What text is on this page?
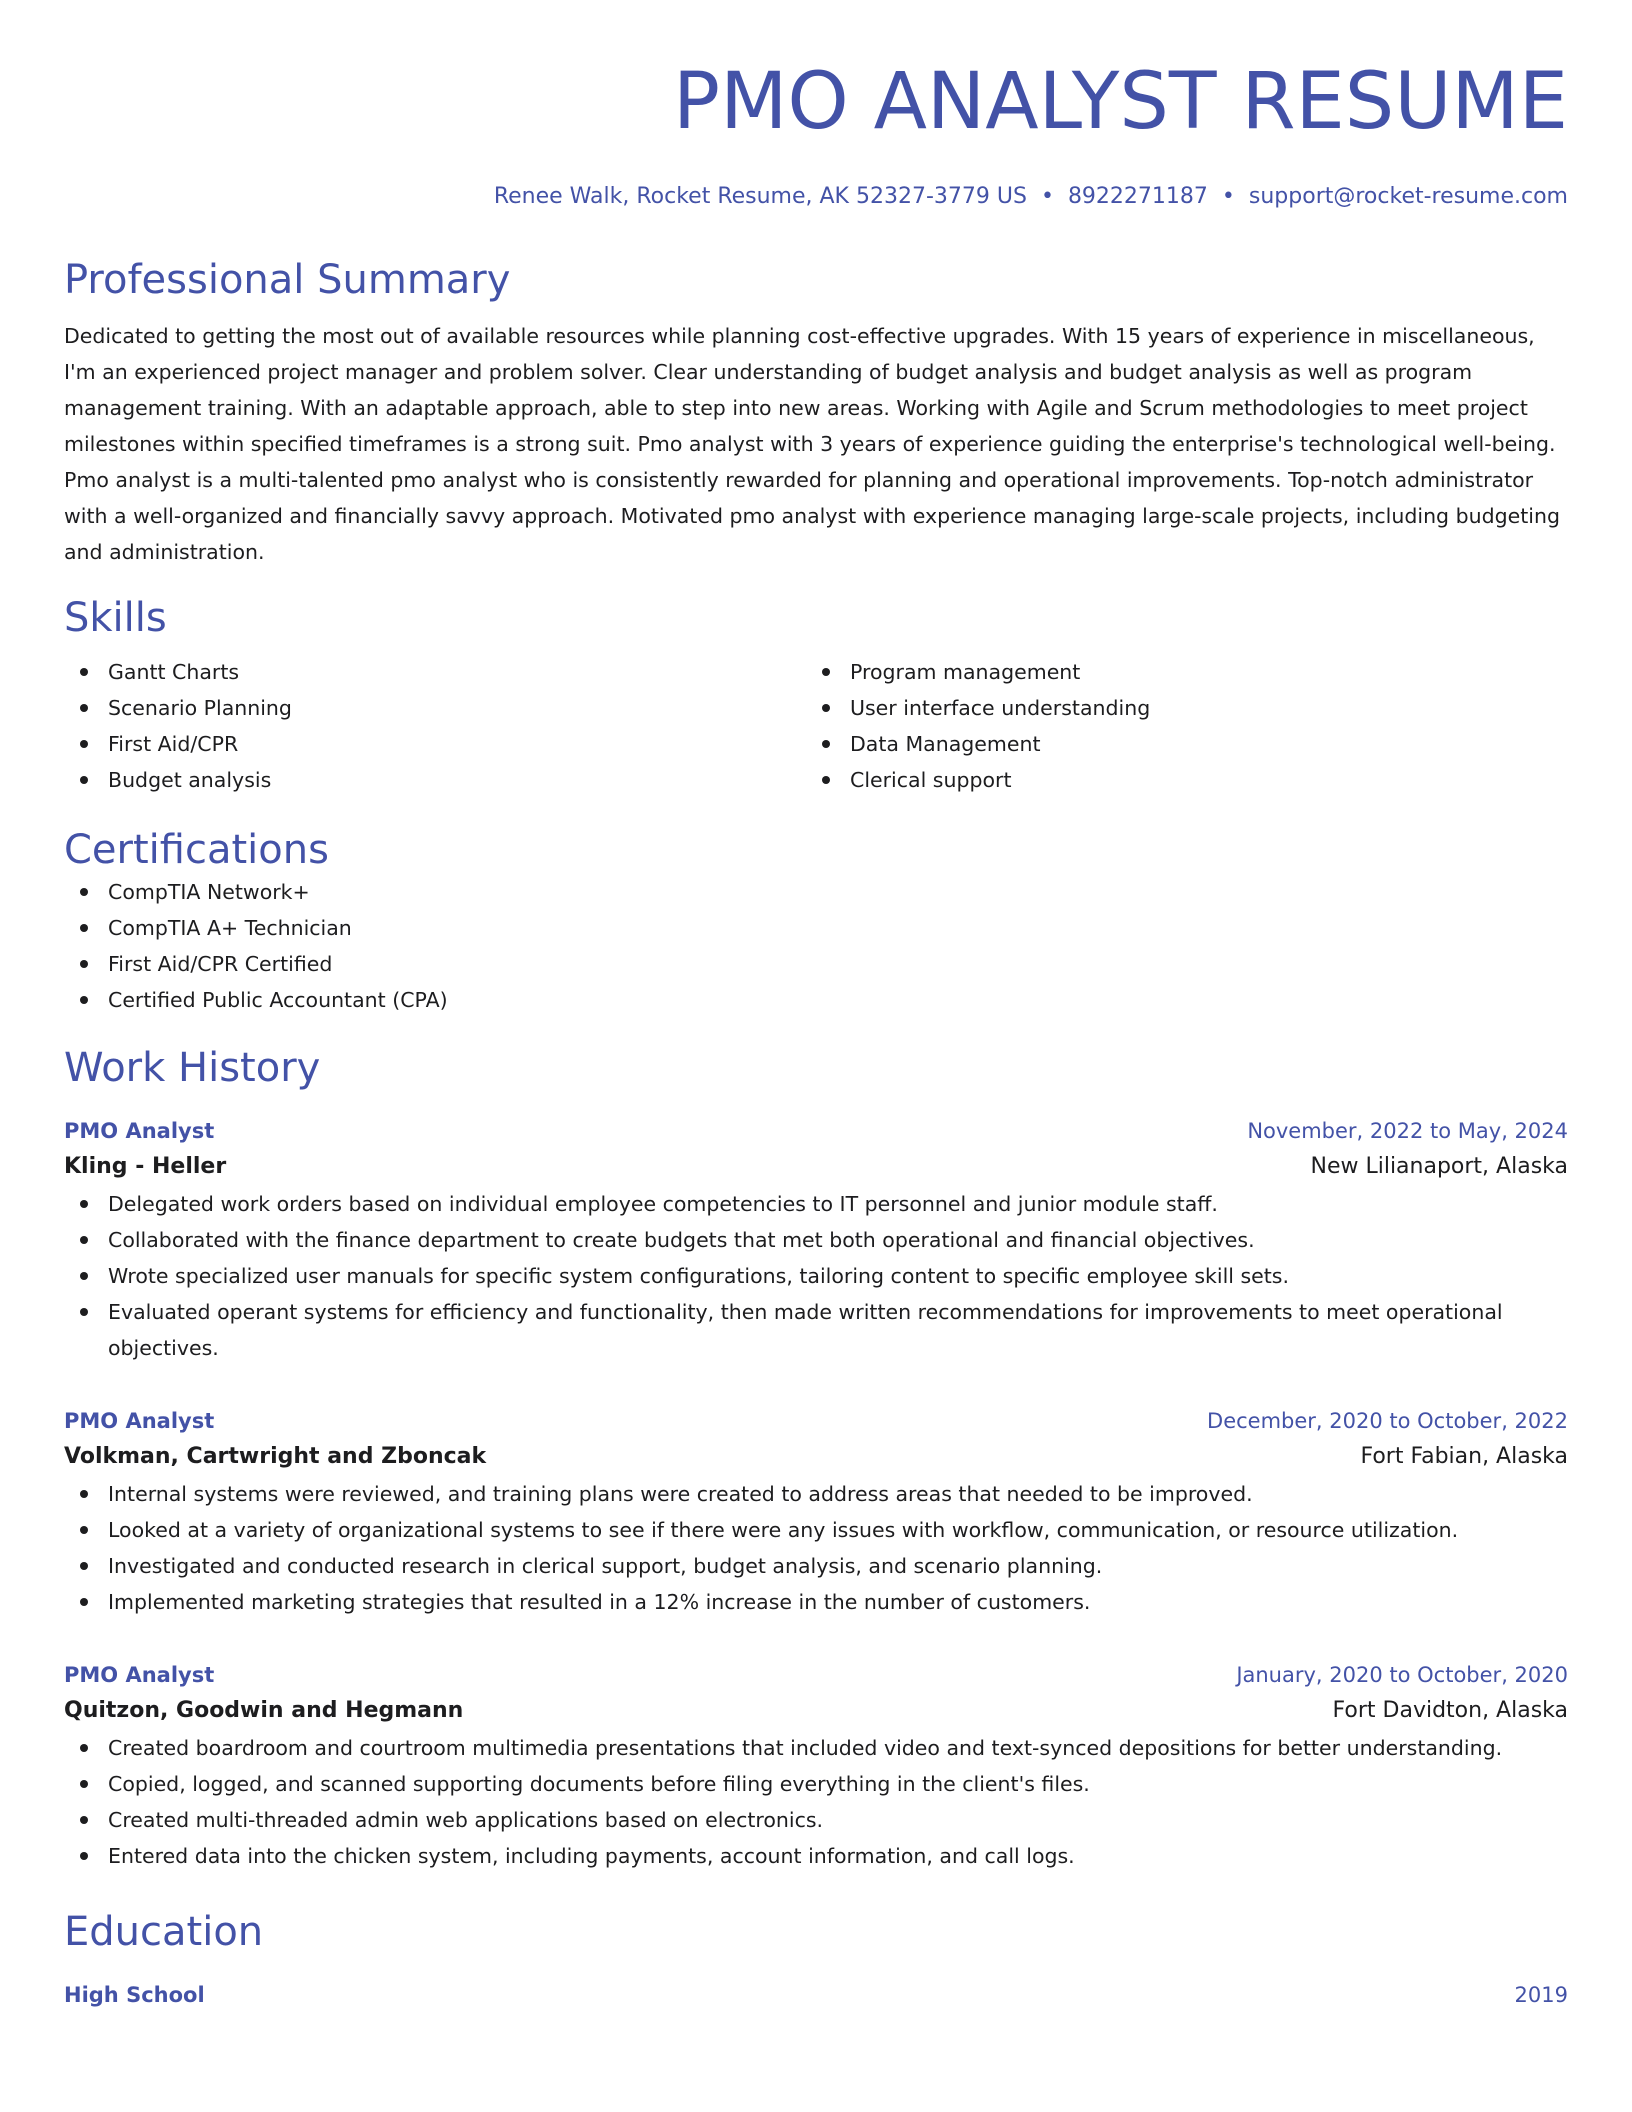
PMO ANALYST RESUME
Renee Walk, Rocket Resume, AK 52327-3779 US • 8922271187 • support@rocket-resume.com
Professional Summary
Dedicated to getting the most out of available resources while planning cost-effective upgrades. With 15 years of experience in miscellaneous, I'm an experienced project manager and problem solver. Clear understanding of budget analysis and budget analysis as well as program management training. With an adaptable approach, able to step into new areas. Working with Agile and Scrum methodologies to meet project milestones within specified timeframes is a strong suit. Pmo analyst with 3 years of experience guiding the enterprise's technological well-being. Pmo analyst is a multi-talented pmo analyst who is consistently rewarded for planning and operational improvements. Top-notch administrator with a well-organized and financially savvy approach. Motivated pmo analyst with experience managing large-scale projects, including budgeting and administration.
Skills
Gantt Charts
Scenario Planning
First Aid/CPR
Budget analysis
Program management
User interface understanding
Data Management
Clerical support
Certifications
CompTIA Network+
CompTIA A+ Technician
First Aid/CPR Certified
Certified Public Accountant (CPA)
Work History
PMO Analyst	November, 2022 to May, 2024
Kling - Heller	New Lilianaport, Alaska
Delegated work orders based on individual employee competencies to IT personnel and junior module staff.
Collaborated with the finance department to create budgets that met both operational and financial objectives.
Wrote specialized user manuals for specific system configurations, tailoring content to specific employee skill sets.
Evaluated operant systems for efficiency and functionality, then made written recommendations for improvements to meet operational objectives.
PMO Analyst	December, 2020 to October, 2022
Volkman, Cartwright and Zboncak	Fort Fabian, Alaska
Internal systems were reviewed, and training plans were created to address areas that needed to be improved.
Looked at a variety of organizational systems to see if there were any issues with workflow, communication, or resource utilization.
Investigated and conducted research in clerical support, budget analysis, and scenario planning.
Implemented marketing strategies that resulted in a 12% increase in the number of customers.
PMO Analyst	January, 2020 to October, 2020
Quitzon, Goodwin and Hegmann	Fort Davidton, Alaska
Created boardroom and courtroom multimedia presentations that included video and text-synced depositions for better understanding.
Copied, logged, and scanned supporting documents before filing everything in the client's files.
Created multi-threaded admin web applications based on electronics.
Entered data into the chicken system, including payments, account information, and call logs.
Education
High School	2019
